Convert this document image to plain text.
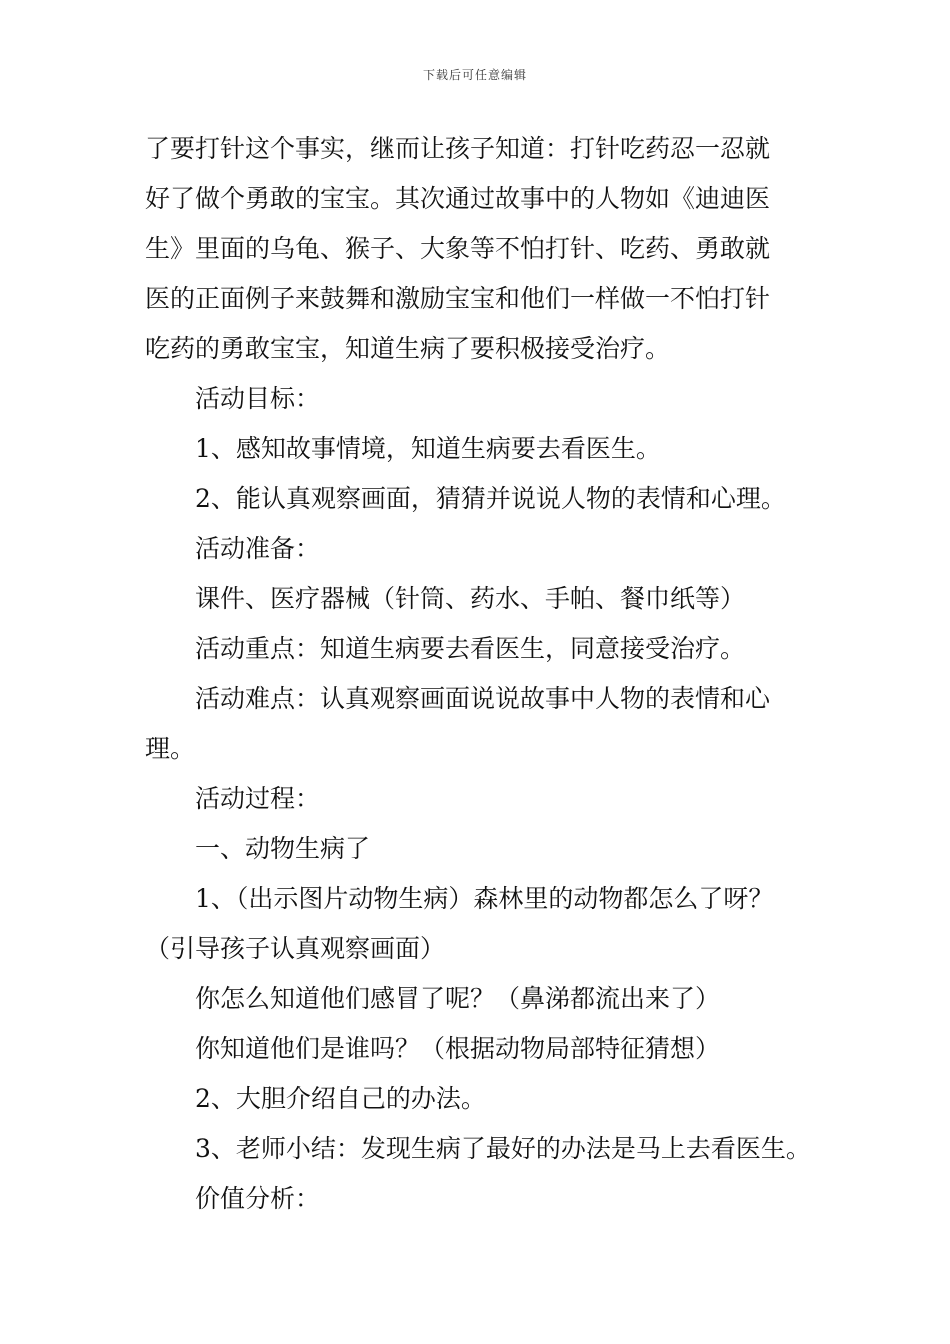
下载后可任意编辑
了要打针这个事实，继而让孩子知道：打针吃药忍一忍就
好了做个勇敢的宝宝。其次通过故事中的人物如《迪迪医
生》里面的乌龟、猴子、大象等不怕打针、吃药、勇敢就
医的正面例子来鼓舞和激励宝宝和他们一样做一不怕打针
吃药的勇敢宝宝，知道生病了要积极接受治疗。
活动目标：
1、感知故事情境，知道生病要去看医生。
2、能认真观察画面，猜猜并说说人物的表情和心理。
活动准备：
课件、医疗器械（针筒、药水、手帕、餐巾纸等）
活动重点：知道生病要去看医生，同意接受治疗。
活动难点：认真观察画面说说故事中人物的表情和心
理。
活动过程：
一、动物生病了
1、（出示图片动物生病）森林里的动物都怎么了呀？
（引导孩子认真观察画面）
你怎么知道他们感冒了呢？（鼻涕都流出来了）
你知道他们是谁吗？（根据动物局部特征猜想）
2、大胆介绍自己的办法。
3、老师小结：发现生病了最好的办法是马上去看医生。
价值分析：
